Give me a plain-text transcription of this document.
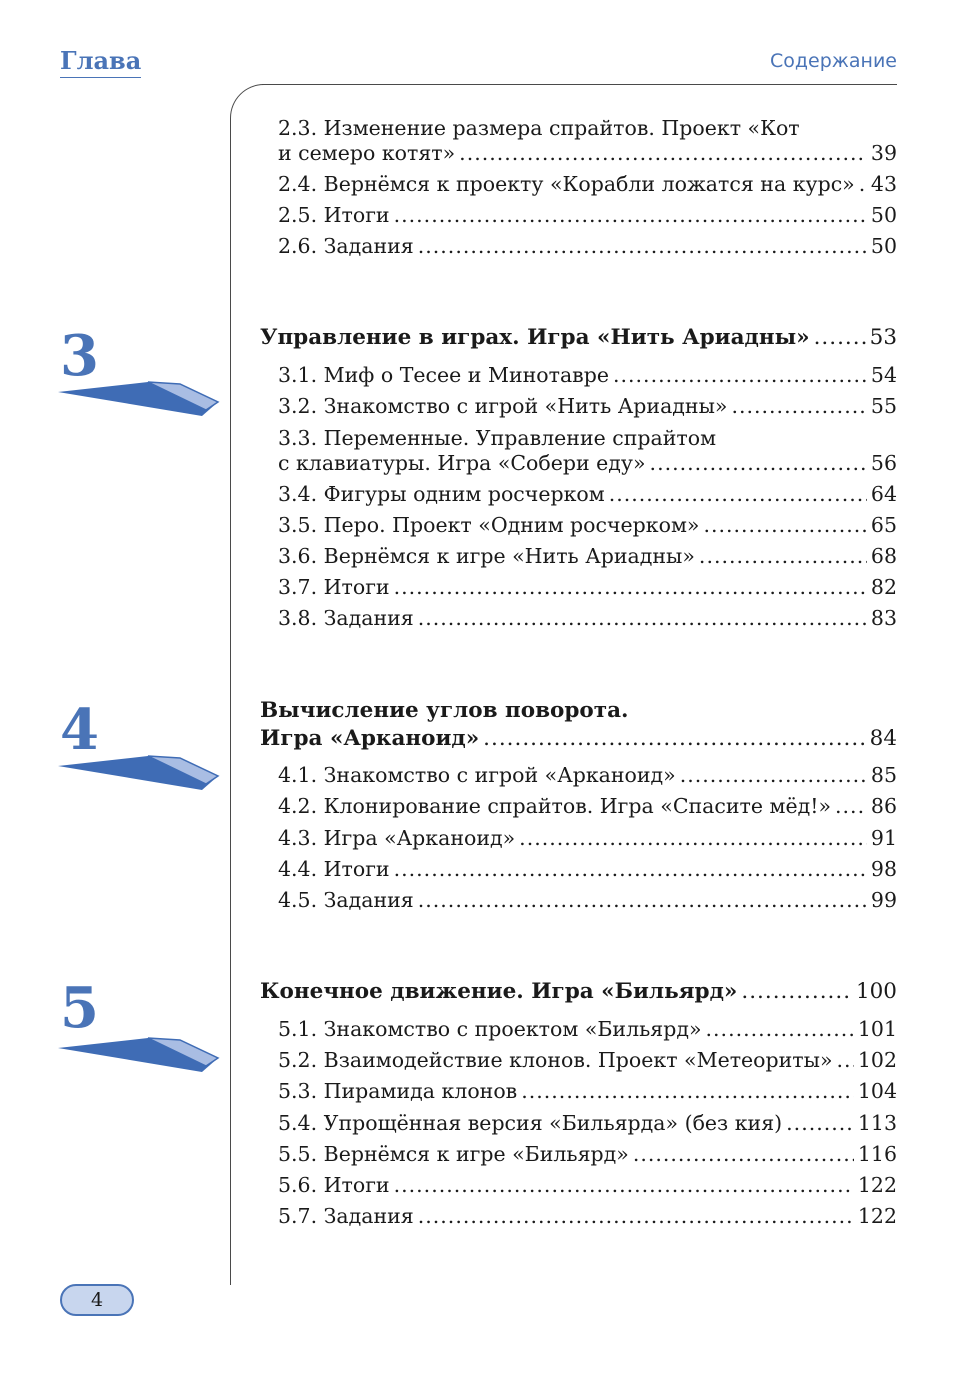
Глава	Содержание
3
4
5
2.3. Изменение размера спрайтов. Проект «Кот
и семеро котят» .....	39
2.4. Вернёмся к проекту «Корабли ложатся на курс» ..... 43
2.5. Итоги .....	50
2.6. Задания .....	50
Управление в играх. Игра «Нить Ариадны» .....	53
3.1. Миф о Тесее и Минотавре .....	54
3.2. Знакомство с игрой «Нить Ариадны» .....	55
3.3. Переменные. Управление спрайтом
с клавиатуры. Игра «Собери еду» .....	56
3.4. Фигуры одним росчерком .....	64
3.5. Перо. Проект «Одним росчерком» .....	65
3.6. Вернёмся к игре «Нить Ариадны» .....	68
3.7. Итоги .....	82
3.8. Задания .....	83
Вычисление углов поворота.
Игра «Арканоид» .....	84
4.1. Знакомство с игрой «Арканоид» .....	85
4.2. Клонирование спрайтов. Игра «Спасите мёд!» ..... 86
4.3. Игра «Арканоид» .....	91
4.4. Итоги .....	98
4.5. Задания .....	99
Конечное движение. Игра «Бильярд» .....	100
5.1. Знакомство с проектом «Бильярд» .....	101
5.2. Взаимодействие клонов. Проект «Метеориты» ..... 102
5.3. Пирамида клонов .....	104
5.4. Упрощённая версия «Бильярда» (без кия) .....	113
5.5. Вернёмся к игре «Бильярд» .....	116
5.6. Итоги .....	122
5.7. Задания .....	122
4
